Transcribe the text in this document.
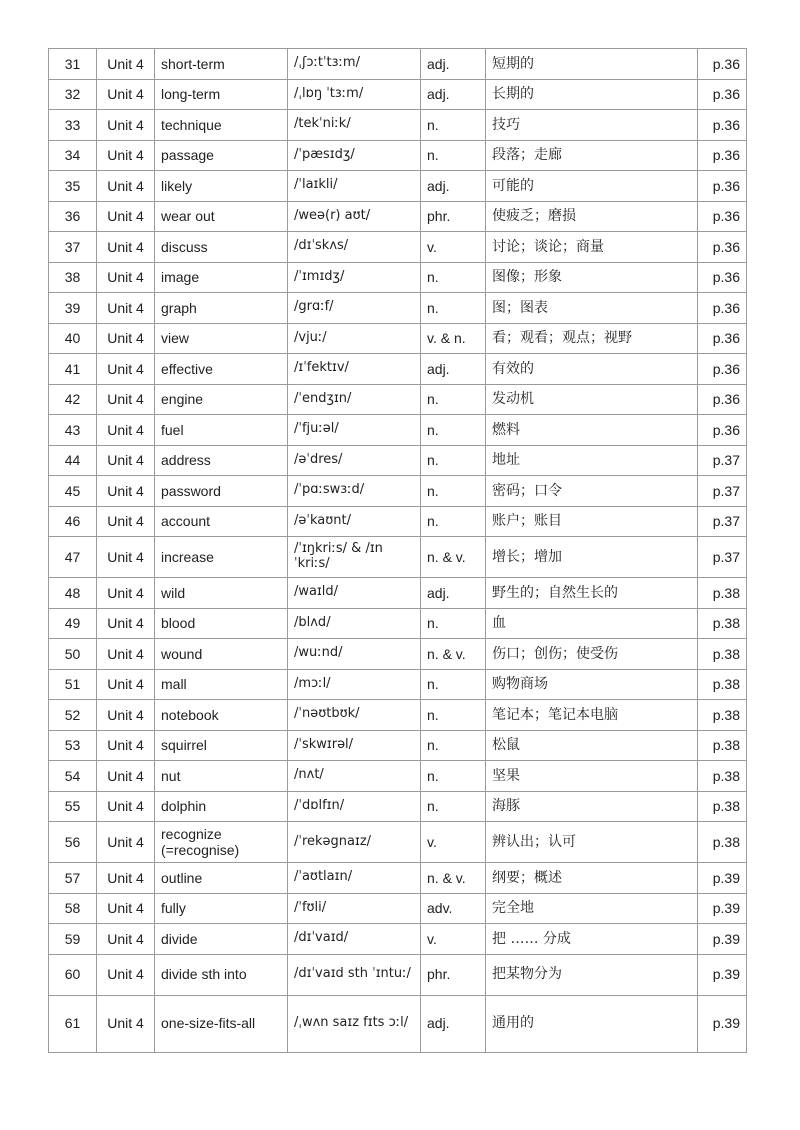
31	Unit 4	short-term	/ˌʃɔːtˈtɜːm/	adj.	短期的	p.36
32	Unit 4	long-term	/ˌlɒŋ ˈtɜːm/	adj.	长期的	p.36
33	Unit 4	technique	/tekˈniːk/	n.	技巧	p.36
34	Unit 4	passage	/ˈpæsɪdʒ/	n.	段落；走廊	p.36
35	Unit 4	likely	/ˈlaɪkli/	adj.	可能的	p.36
36	Unit 4	wear out	/weə(r) aʊt/	phr.	使疲乏；磨损	p.36
37	Unit 4	discuss	/dɪˈskʌs/	v.	讨论；谈论；商量	p.36
38	Unit 4	image	/ˈɪmɪdʒ/	n.	图像；形象	p.36
39	Unit 4	graph	/grɑːf/	n.	图；图表	p.36
40	Unit 4	view	/vjuː/	v. & n.	看；观看；观点；视野	p.36
41	Unit 4	effective	/ɪˈfektɪv/	adj.	有效的	p.36
42	Unit 4	engine	/ˈendʒɪn/	n.	发动机	p.36
43	Unit 4	fuel	/ˈfjuːəl/	n.	燃料	p.36
44	Unit 4	address	/əˈdres/	n.	地址	p.37
45	Unit 4	password	/ˈpɑːswɜːd/	n.	密码；口令	p.37
46	Unit 4	account	/əˈkaʊnt/	n.	账户；账目	p.37
47	Unit 4	increase	/ˈɪŋkriːs/ & /ɪnˈkriːs/	n. & v.	增长；增加	p.37
48	Unit 4	wild	/waɪld/	adj.	野生的；自然生长的	p.38
49	Unit 4	blood	/blʌd/	n.	血	p.38
50	Unit 4	wound	/wuːnd/	n. & v.	伤口；创伤；使受伤	p.38
51	Unit 4	mall	/mɔːl/	n.	购物商场	p.38
52	Unit 4	notebook	/ˈnəʊtbʊk/	n.	笔记本；笔记本电脑	p.38
53	Unit 4	squirrel	/ˈskwɪrəl/	n.	松鼠	p.38
54	Unit 4	nut	/nʌt/	n.	坚果	p.38
55	Unit 4	dolphin	/ˈdɒlfɪn/	n.	海豚	p.38
56	Unit 4	recognize (=recognise)	/ˈrekəgnaɪz/	v.	辨认出；认可	p.38
57	Unit 4	outline	/ˈaʊtlaɪn/	n. & v.	纲要；概述	p.39
58	Unit 4	fully	/ˈfʊli/	adv.	完全地	p.39
59	Unit 4	divide	/dɪˈvaɪd/	v.	把 …… 分成	p.39
60	Unit 4	divide sth into	/dɪˈvaɪd sth ˈɪntuː/	phr.	把某物分为	p.39
61	Unit 4	one-size-fits-all	/ˌwʌn saɪz fɪts ɔːl/	adj.	通用的	p.39
